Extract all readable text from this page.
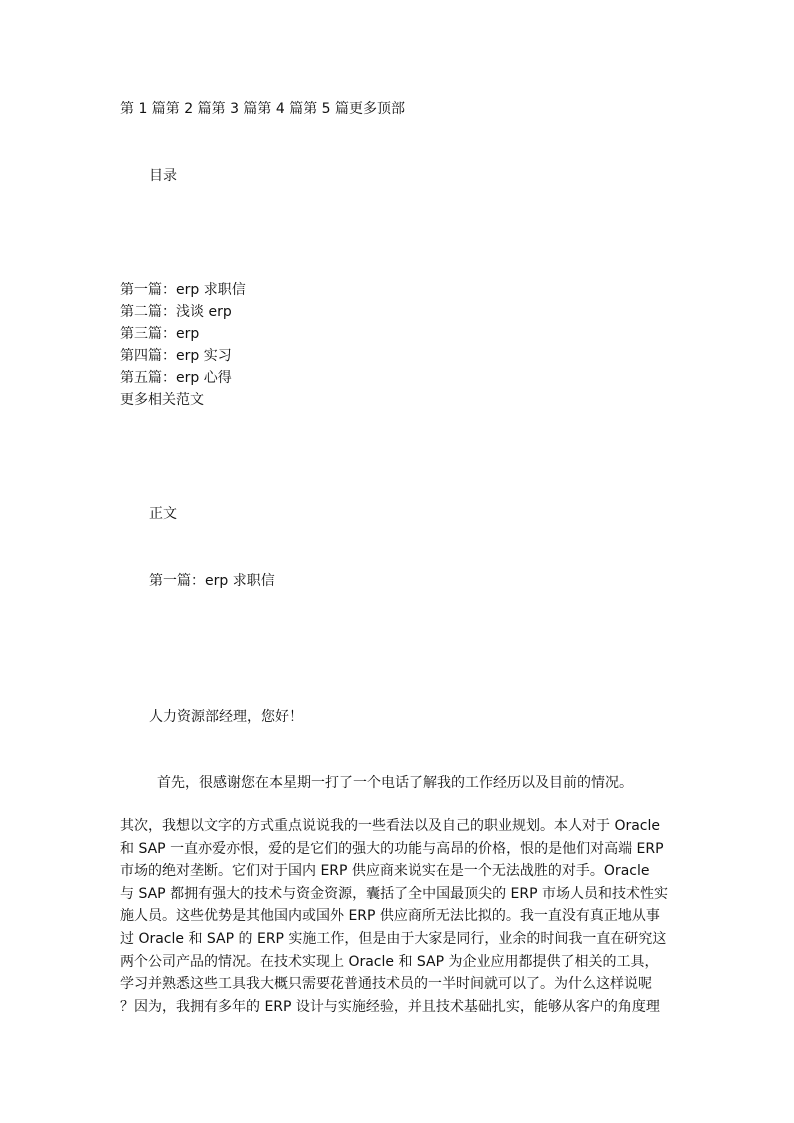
第 1 篇第 2 篇第 3 篇第 4 篇第 5 篇更多顶部
目录
第一篇：erp 求职信
第二篇：浅谈 erp
第三篇：erp
第四篇：erp 实习
第五篇：erp 心得
更多相关范文
正文
第一篇：erp 求职信
人力资源部经理，您好！
首先，很感谢您在本星期一打了一个电话了解我的工作经历以及目前的情况。

其次，我想以文字的方式重点说说我的一些看法以及自己的职业规划。本人对于 Oracle
和 SAP 一直亦爱亦恨，爱的是它们的强大的功能与高昂的价格，恨的是他们对高端 ERP
市场的绝对垄断。它们对于国内 ERP 供应商来说实在是一个无法战胜的对手。Oracle
与 SAP 都拥有强大的技术与资金资源，囊括了全中国最顶尖的 ERP 市场人员和技术性实
施人员。这些优势是其他国内或国外 ERP 供应商所无法比拟的。我一直没有真正地从事
过 Oracle 和 SAP 的 ERP 实施工作，但是由于大家是同行，业余的时间我一直在研究这
两个公司产品的情况。在技术实现上 Oracle 和 SAP 为企业应用都提供了相关的工具，
学习并熟悉这些工具我大概只需要花普通技术员的一半时间就可以了。为什么这样说呢
？因为，我拥有多年的 ERP 设计与实施经验，并且技术基础扎实，能够从客户的角度理
